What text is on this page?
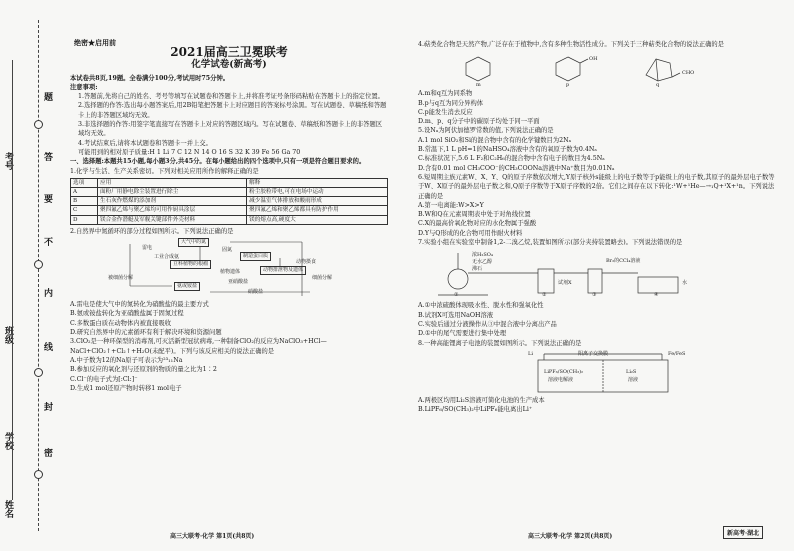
考号
班级
姓名
学校
题
答
要
不
内
线
封
密
绝密★启用前
2021届高三卫冕联考
化学试卷(新高考)

本试卷共8页,19题。全卷满分100分,考试用时75分钟。

注意事项:

1.答题前,先将自己的姓名、考号等填写在试题卷和答题卡上,并将准考证号条形码粘贴在答题卡上的指定位置。

2.选择题的作答:选出每小题答案后,用2B铅笔把答题卡上对应题目的答案标号涂黑。写在试题卷、草稿纸和答题卡上的非答题区域均无效。

3.非选择题的作答:用签字笔直接写在答题卡上对应的答题区域内。写在试题卷、草稿纸和答题卡上的非答题区域均无效。

4.考试结束后,请将本试题卷和答题卡一并上交。

可能用到的相对原子质量:H 1 Li 7 C 12 N 14 O 16 S 32 K 39 Fe 56 Ga 70

一、选择题:本题共15小题,每小题3分,共45分。在每小题给出的四个选项中,只有一项是符合题目要求的。

1.化学与生活、生产关系密切。下列对相关应用所作的解释正确的是

选项	应用	解释
A	面粉厂用静电除尘装置进行除尘	粉尘胶粒带电,可在电场中运动
B	生石灰作燃煤的添加剂	减少温室气体排放和酸雨形成
C	聚四氟乙烯与聚乙烯均可用作厨具涂层	聚四氟乙烯和聚乙烯都具有防护作用
D	镁合金作潜艇及军舰关键部件外壳材料	镁的熔点高,硬度大

2.自然界中氮循环的部分过程如图所示。下列说法正确的是

大气中的氮
雷电
工业合成氨
固氮
制造蛋白质
豆科植物的根瘤
植物遗体	动物排泄物及遗体
氨或铵盐
亚硝酸盐
硝酸盐
细菌分解
被细菌分解
动物摄食

A.雷电是使大气中的氮转化为硝酸盐的最主要方式

B.氨或铵盐转化为亚硝酸盐属于固氮过程

C.多数蛋白质在动物体内被直接吸收

D.研究自然界中的元素循环有利于解决环境和资源问题

3.ClO₂是一种环保型的消毒剂,可灭活新型冠状病毒,一种制备ClO₂的反应为NaClO₃+HCl—NaCl+ClO₂↑+Cl₂↑+H₂O(未配平)。下列与该反应相关的说法正确的是

A.中子数为12的Na原子可表示为²³₁₁Na

B.参加反应的氧化剂与还原剂的物质的量之比为1∶2

C.Cl⁻的电子式为[:Cl:]⁻

D.生成1 mol还原产物时转移1 mol电子

4.萜类化合物是天然产物,广泛存在于植物中,含有多种生物活性成分。下列关于三种萜类化合物的说法正确的是

OH
CHO
m	p	q

A.m和q互为同系物

B.p与q互为同分异构体

C.p能发生消去反应

D.m、p、q分子中的碳原子均处于同一平面

5.设Nₐ为阿伏加德罗常数的值,下列说法正确的是

A.1 mol SiO₂和Si的混合物中含有的化学键数目为2Nₐ

B.常温下,1 L pH=1的NaHSO₄溶液中含有的氧原子数为0.4Nₐ

C.标准状况下,5.6 L F₂和C₂H₆的混合物中含有电子的数目为4.5Nₐ

D.含有0.01 mol CH₃COO⁻的CH₃COONa溶液中Na⁺数目为0.01Nₐ

6.短周期主族元素W、X、Y、Q的原子序数依次增大,Y原子核外s能级上的电子数等于p能级上的电子数,其原子的最外层电子数等于W、X原子的最外层电子数之和,Q原子序数等于X原子序数的2倍。它们之间存在以下转化:¹W+¹He—→₁Q+¹X+¹n。下列说法正确的是

A.第一电离能:W>X>Y

B.W和Q在元素周期表中处于对角线位置

C.X的最高价氧化物对应的水化物属于强酸

D.Y与Q形成的化合物可用作耐火材料

7.实验小组在实验室中制备1,2-二溴乙烷,装置如图所示(部分夹持装置略去)。下列说法错误的是

浓H₂SO₄
无水乙醇
沸石
试剂X
Br₂的CCl₄溶液
水
①	②	③	④

A.①中浓硫酸体现吸水性、脱水性和强氧化性

B.试剂X可选用NaOH溶液

C.实验后通过分液操作从③中混合液中分离出产品

D.①中的尾气需要进行集中处理

8.一种高能锂离子电池的装置如图所示。下列说法正确的是

Li	阳离子交换膜	Fe/FeS
LiPF₆/SO(CH₃)₂
溶液电解液
Li₂S
溶液

A.两极区均用Li₂S溶液可简化电池的生产成本

B.LiPF₆/SO(CH₃)₂中LiPF₆能电离出Li⁺

高三大联考·化学 第1页(共8页)	高三大联考·化学 第2页(共8页)	新高考·湖北
